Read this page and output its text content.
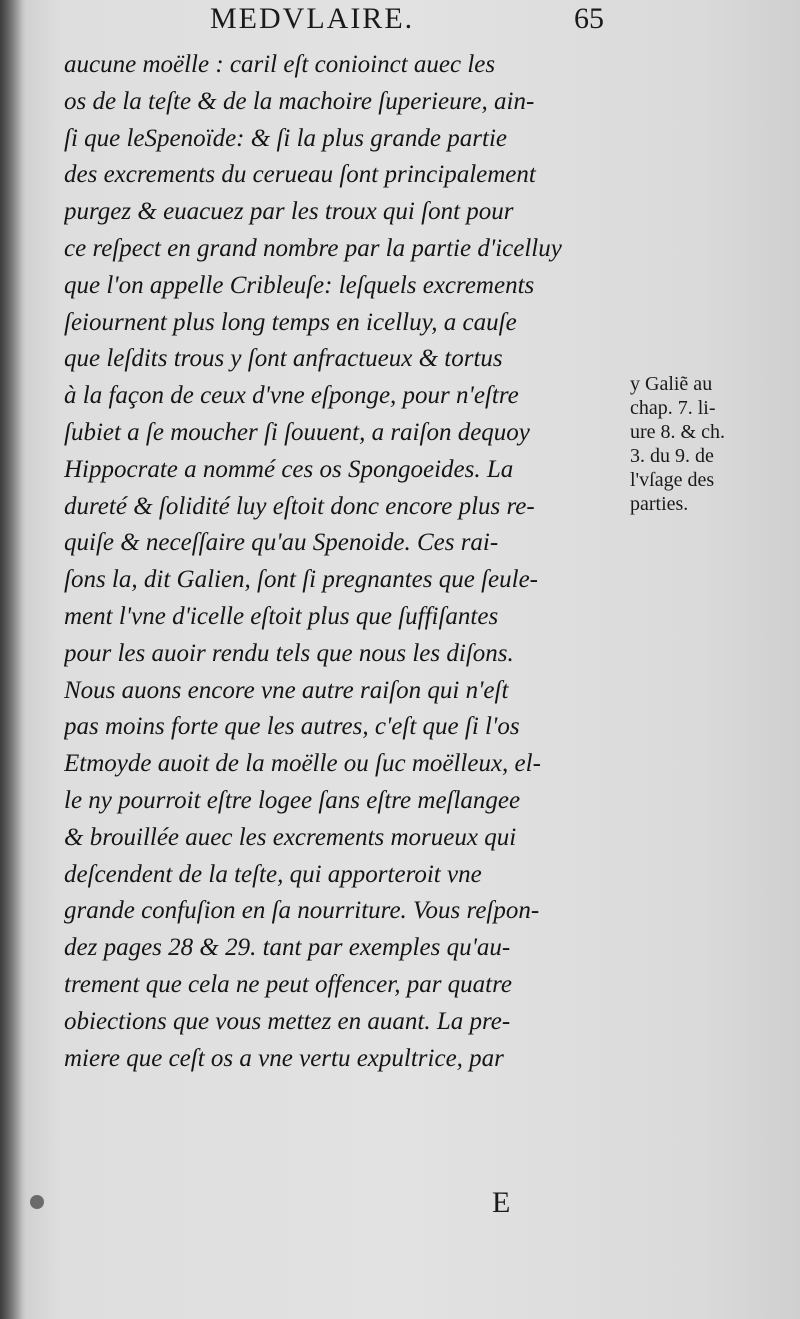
MEDVLAIRE.	65
aucune moëlle : caril eſt conioinct auec les
os de la teſte & de la machoire ſuperieure, ain-
ſi que leSpenoïde: & ſi la plus grande partie
des excrements du cerueau ſont principalement
purgez & euacuez par les troux qui ſont pour
ce reſpect en grand nombre par la partie d'icelluy
que l'on appelle Cribleuſe: leſquels excrements
ſeiournent plus long temps en icelluy, a cauſe
que leſdits trous y ſont anfractueux & tortus
à la façon de ceux d'vne eſponge, pour n'eſtre
ſubiet a ſe moucher ſi ſouuent, a raiſon dequoy
Hippocrate a nommé ces os Spongoeides. La
dureté & ſolidité luy eſtoit donc encore plus re-
quiſe & neceſſaire qu'au Spenoide. Ces rai-
ſons la, dit Galien, ſont ſi pregnantes que ſeule-
ment l'vne d'icelle eſtoit plus que ſuffiſantes
pour les auoir rendu tels que nous les diſons.
Nous auons encore vne autre raiſon qui n'eſt
pas moins forte que les autres, c'eſt que ſi l'os
Etmoyde auoit de la moëlle ou ſuc moëlleux, el-
le ny pourroit eſtre logee ſans eſtre meſlangee
& brouillée auec les excrements morueux qui
deſcendent de la teſte, qui apporteroit vne
grande confuſion en ſa nourriture. Vous reſpon-
dez pages 28 & 29. tant par exemples qu'au-
trement que cela ne peut offencer, par quatre
obiections que vous mettez en auant. La pre-
miere que ceſt os a vne vertu expultrice, par
y Galiẽ au
chap. 7. li-
ure 8. & ch.
3. du 9. de
l'vſage des
parties.
E
